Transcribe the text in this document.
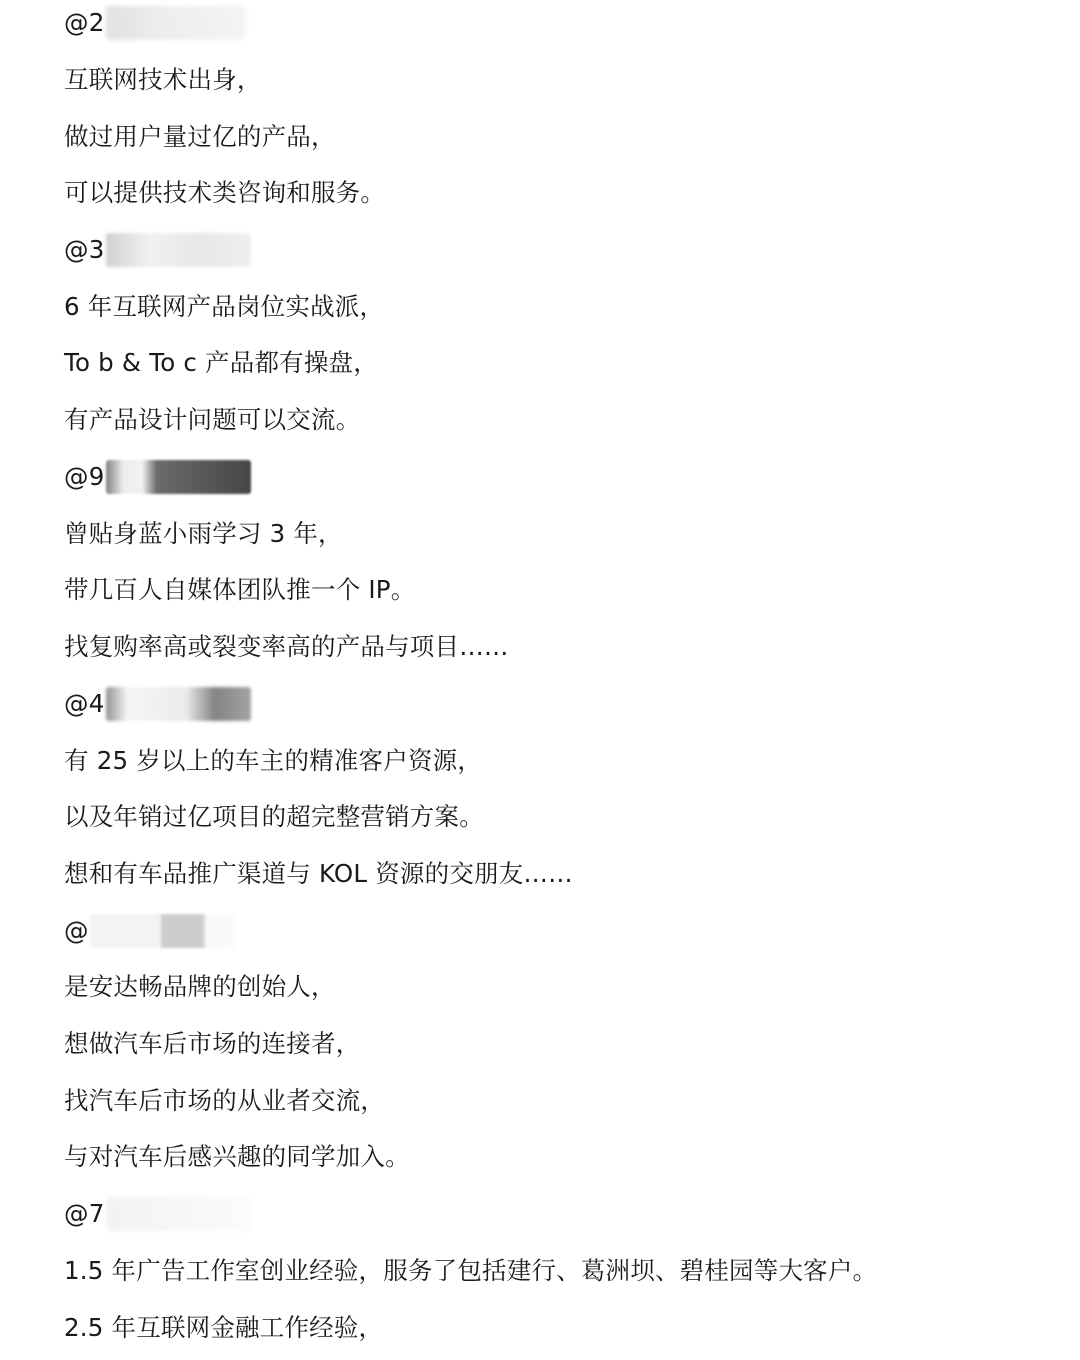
@2
互联网技术出身，
做过用户量过亿的产品，
可以提供技术类咨询和服务。
@3
6 年互联网产品岗位实战派，
To b & To c 产品都有操盘，
有产品设计问题可以交流。
@9
曾贴身蓝小雨学习 3 年，
带几百人自媒体团队推一个 IP。
找复购率高或裂变率高的产品与项目……
@4
有 25 岁以上的车主的精准客户资源，
以及年销过亿项目的超完整营销方案。
想和有车品推广渠道与 KOL 资源的交朋友……
@
是安达畅品牌的创始人，
想做汽车后市场的连接者，
找汽车后市场的从业者交流，
与对汽车后感兴趣的同学加入。
@7
1.5 年广告工作室创业经验，服务了包括建行、葛洲坝、碧桂园等大客户。
2.5 年互联网金融工作经验，
